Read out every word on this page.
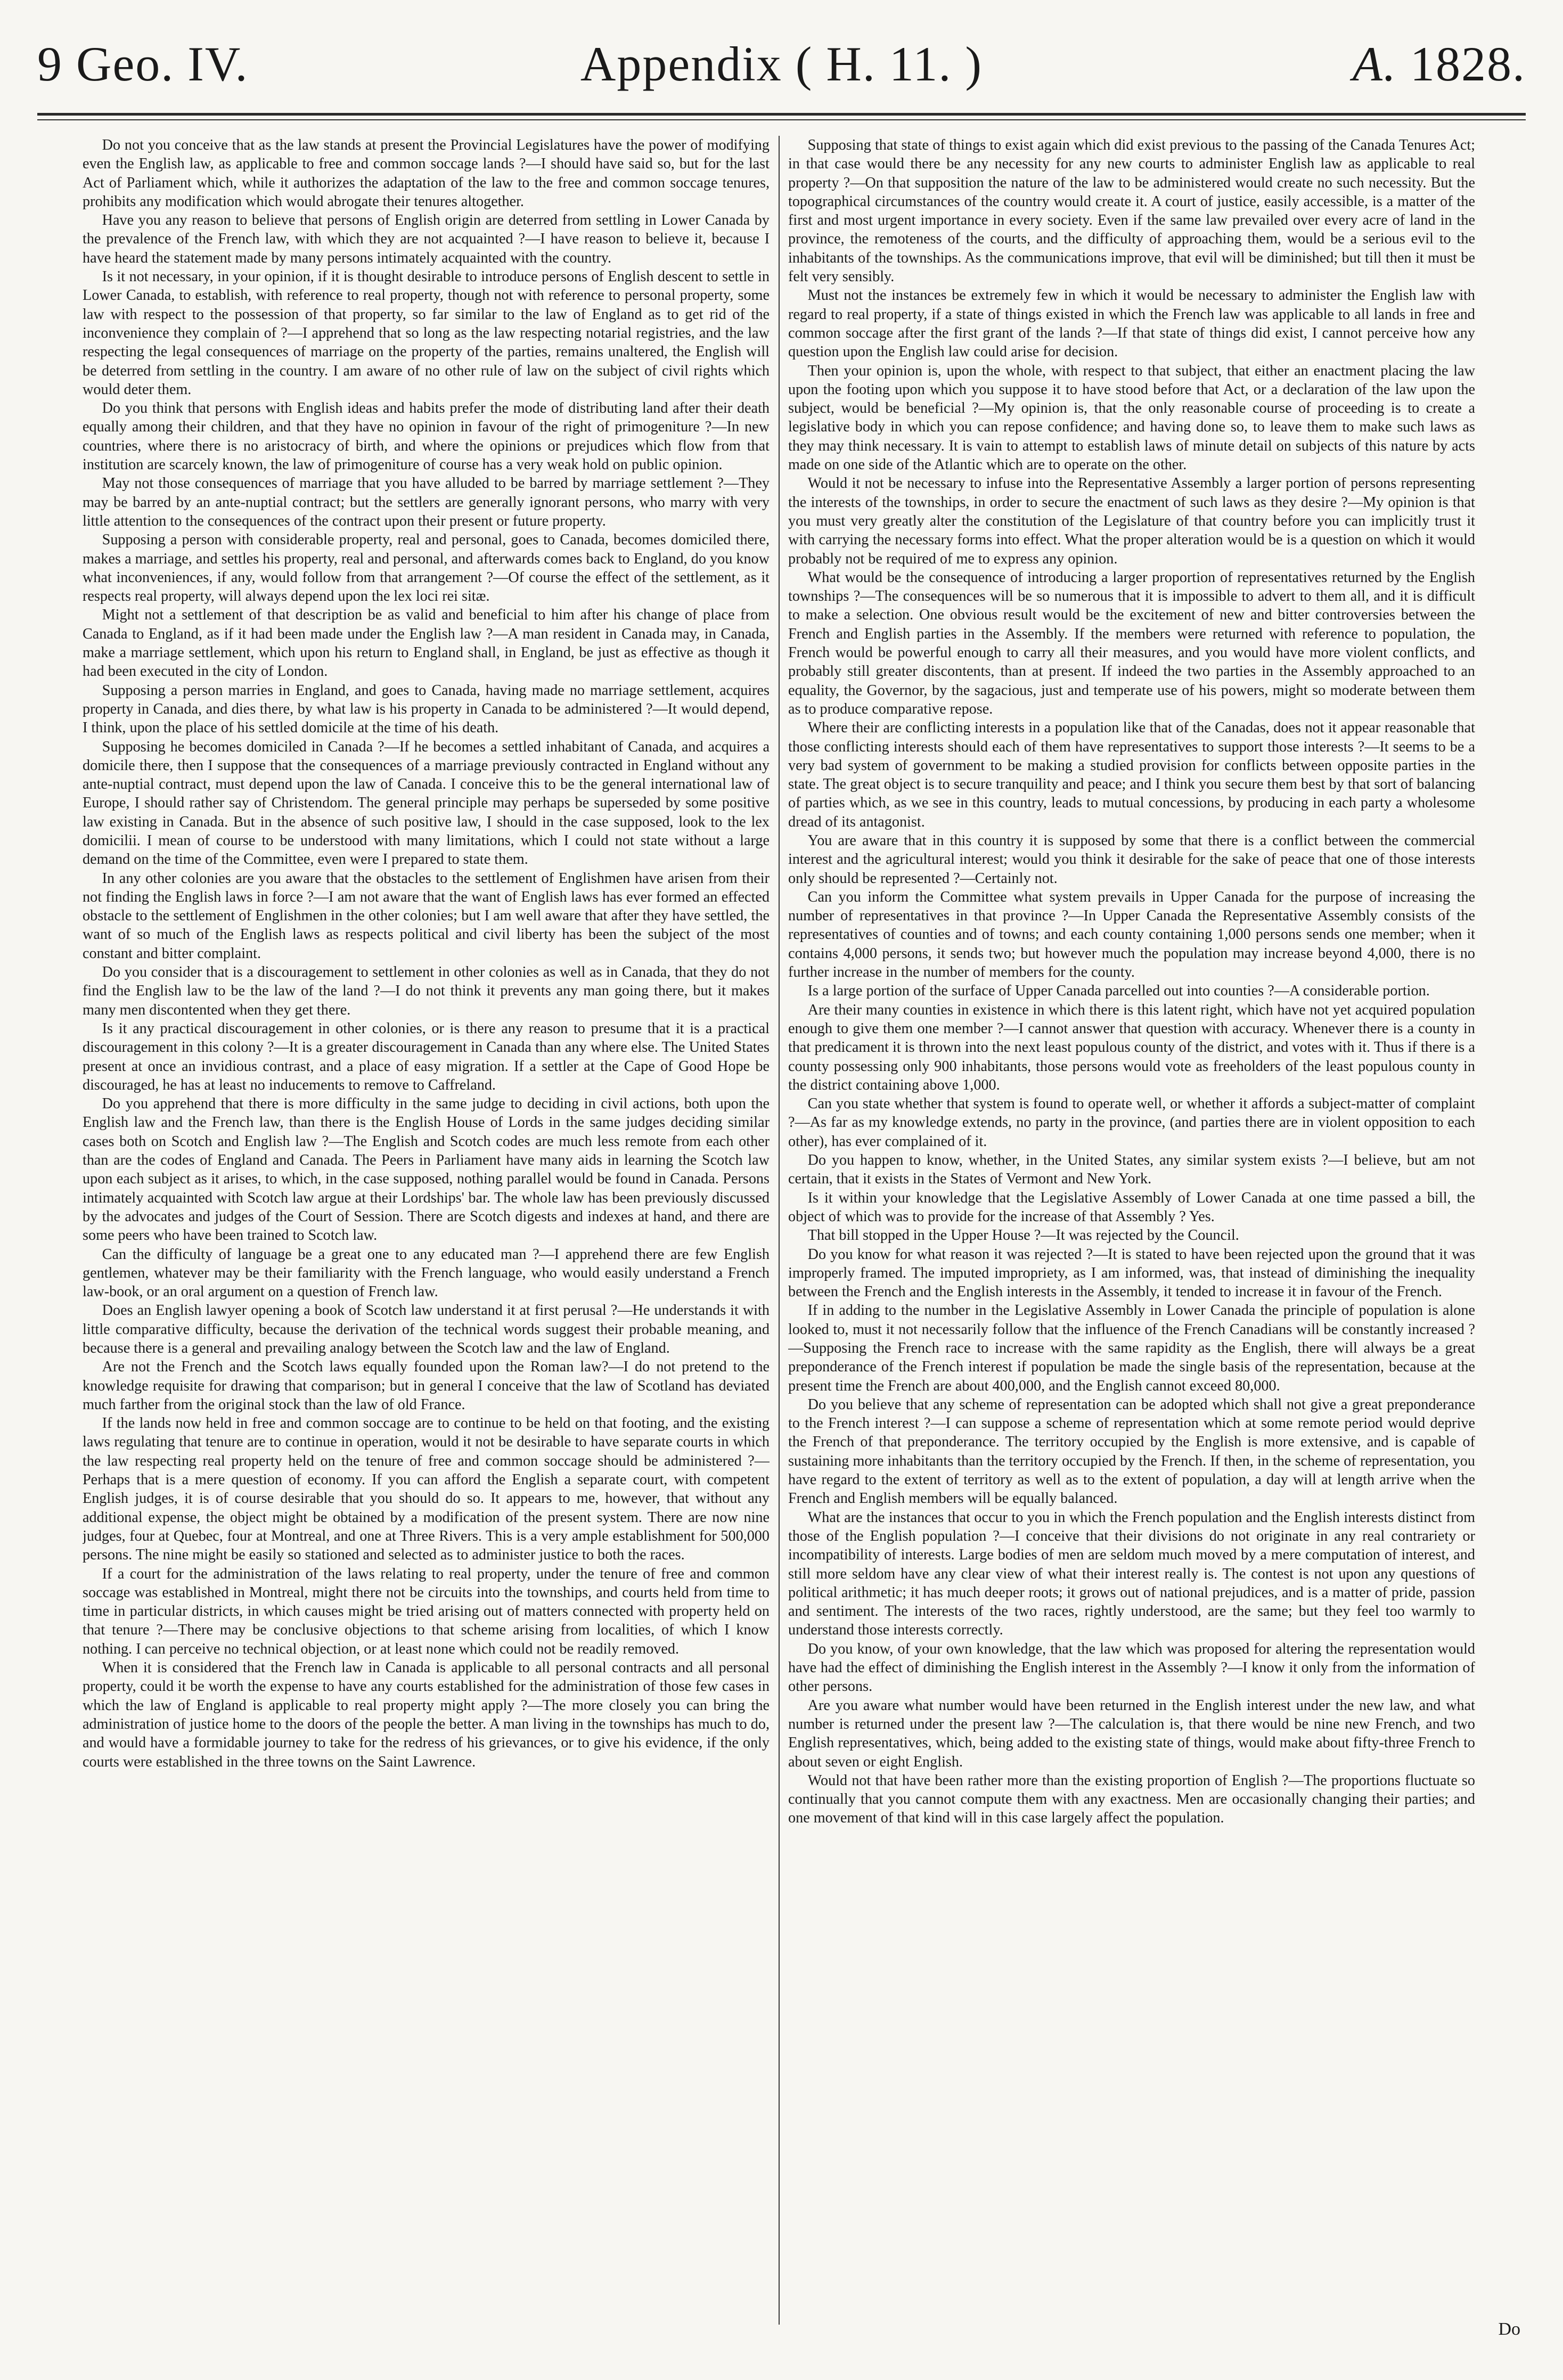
9 Geo. IV.	Appendix ( H. 11. )	A. 1828.

Do not you conceive that as the law stands at present the Provincial Legislatures have the power of modifying even the English law, as applicable to free and common soccage lands ?—I should have said so, but for the last Act of Parliament which, while it authorizes the adaptation of the law to the free and common soccage tenures, prohibits any modification which would abrogate their tenures altogether.

Have you any reason to believe that persons of English origin are deterred from settling in Lower Canada by the prevalence of the French law, with which they are not acquainted ?—I have reason to believe it, because I have heard the statement made by many persons intimately acquainted with the country.

Is it not necessary, in your opinion, if it is thought desirable to introduce persons of English descent to settle in Lower Canada, to establish, with reference to real property, though not with reference to personal property, some law with respect to the possession of that property, so far similar to the law of England as to get rid of the inconvenience they complain of ?—I apprehend that so long as the law respecting notarial registries, and the law respecting the legal consequences of marriage on the property of the parties, remains unaltered, the English will be deterred from settling in the country. I am aware of no other rule of law on the subject of civil rights which would deter them.

Do you think that persons with English ideas and habits prefer the mode of distributing land after their death equally among their children, and that they have no opinion in favour of the right of primogeniture ?—In new countries, where there is no aristocracy of birth, and where the opinions or prejudices which flow from that institution are scarcely known, the law of primogeniture of course has a very weak hold on public opinion.

May not those consequences of marriage that you have alluded to be barred by marriage settlement ?—They may be barred by an ante-nuptial contract; but the settlers are generally ignorant persons, who marry with very little attention to the consequences of the contract upon their present or future property.

Supposing a person with considerable property, real and personal, goes to Canada, becomes domiciled there, makes a marriage, and settles his property, real and personal, and afterwards comes back to England, do you know what inconveniences, if any, would follow from that arrangement ?—Of course the effect of the settlement, as it respects real property, will always depend upon the lex loci rei sitæ.

Might not a settlement of that description be as valid and beneficial to him after his change of place from Canada to England, as if it had been made under the English law ?—A man resident in Canada may, in Canada, make a marriage settlement, which upon his return to England shall, in England, be just as effective as though it had been executed in the city of London.

Supposing a person marries in England, and goes to Canada, having made no marriage settlement, acquires property in Canada, and dies there, by what law is his property in Canada to be administered ?—It would depend, I think, upon the place of his settled domicile at the time of his death.

Supposing he becomes domiciled in Canada ?—If he becomes a settled inhabitant of Canada, and acquires a domicile there, then I suppose that the consequences of a marriage previously contracted in England without any ante-nuptial contract, must depend upon the law of Canada. I conceive this to be the general international law of Europe, I should rather say of Christendom. The general principle may perhaps be superseded by some positive law existing in Canada. But in the absence of such positive law, I should in the case supposed, look to the lex domicilii. I mean of course to be understood with many limitations, which I could not state without a large demand on the time of the Committee, even were I prepared to state them.

In any other colonies are you aware that the obstacles to the settlement of Englishmen have arisen from their not finding the English laws in force ?—I am not aware that the want of English laws has ever formed an effected obstacle to the settlement of Englishmen in the other colonies; but I am well aware that after they have settled, the want of so much of the English laws as respects political and civil liberty has been the subject of the most constant and bitter complaint.

Do you consider that is a discouragement to settlement in other colonies as well as in Canada, that they do not find the English law to be the law of the land ?—I do not think it prevents any man going there, but it makes many men discontented when they get there.

Is it any practical discouragement in other colonies, or is there any reason to presume that it is a practical discouragement in this colony ?—It is a greater discouragement in Canada than any where else. The United States present at once an invidious contrast, and a place of easy migration. If a settler at the Cape of Good Hope be discouraged, he has at least no inducements to remove to Caffreland.

Do you apprehend that there is more difficulty in the same judge to deciding in civil actions, both upon the English law and the French law, than there is the English House of Lords in the same judges deciding similar cases both on Scotch and English law ?—The English and Scotch codes are much less remote from each other than are the codes of England and Canada. The Peers in Parliament have many aids in learning the Scotch law upon each subject as it arises, to which, in the case supposed, nothing parallel would be found in Canada. Persons intimately acquainted with Scotch law argue at their Lordships' bar. The whole law has been previously discussed by the advocates and judges of the Court of Session. There are Scotch digests and indexes at hand, and there are some peers who have been trained to Scotch law.

Can the difficulty of language be a great one to any educated man ?—I apprehend there are few English gentlemen, whatever may be their familiarity with the French language, who would easily understand a French law-book, or an oral argument on a question of French law.

Does an English lawyer opening a book of Scotch law understand it at first perusal ?—He understands it with little comparative difficulty, because the derivation of the technical words suggest their probable meaning, and because there is a general and prevailing analogy between the Scotch law and the law of England.

Are not the French and the Scotch laws equally founded upon the Roman law?—I do not pretend to the knowledge requisite for drawing that comparison; but in general I conceive that the law of Scotland has deviated much farther from the original stock than the law of old France.

If the lands now held in free and common soccage are to continue to be held on that footing, and the existing laws regulating that tenure are to continue in operation, would it not be desirable to have separate courts in which the law respecting real property held on the tenure of free and common soccage should be administered ?—Perhaps that is a mere question of economy. If you can afford the English a separate court, with competent English judges, it is of course desirable that you should do so. It appears to me, however, that without any additional expense, the object might be obtained by a modification of the present system. There are now nine judges, four at Quebec, four at Montreal, and one at Three Rivers. This is a very ample establishment for 500,000 persons. The nine might be easily so stationed and selected as to administer justice to both the races.

If a court for the administration of the laws relating to real property, under the tenure of free and common soccage was established in Montreal, might there not be circuits into the townships, and courts held from time to time in particular districts, in which causes might be tried arising out of matters connected with property held on that tenure ?—There may be conclusive objections to that scheme arising from localities, of which I know nothing. I can perceive no technical objection, or at least none which could not be readily removed.

When it is considered that the French law in Canada is applicable to all personal contracts and all personal property, could it be worth the expense to have any courts established for the administration of those few cases in which the law of England is applicable to real property might apply ?—The more closely you can bring the administration of justice home to the doors of the people the better. A man living in the townships has much to do, and would have a formidable journey to take for the redress of his grievances, or to give his evidence, if the only courts were established in the three towns on the Saint Lawrence.

Supposing that state of things to exist again which did exist previous to the passing of the Canada Tenures Act; in that case would there be any necessity for any new courts to administer English law as applicable to real property ?—On that supposition the nature of the law to be administered would create no such necessity. But the topographical circumstances of the country would create it. A court of justice, easily accessible, is a matter of the first and most urgent importance in every society. Even if the same law prevailed over every acre of land in the province, the remoteness of the courts, and the difficulty of approaching them, would be a serious evil to the inhabitants of the townships. As the communications improve, that evil will be diminished; but till then it must be felt very sensibly.

Must not the instances be extremely few in which it would be necessary to administer the English law with regard to real property, if a state of things existed in which the French law was applicable to all lands in free and common soccage after the first grant of the lands ?—If that state of things did exist, I cannot perceive how any question upon the English law could arise for decision.

Then your opinion is, upon the whole, with respect to that subject, that either an enactment placing the law upon the footing upon which you suppose it to have stood before that Act, or a declaration of the law upon the subject, would be beneficial ?—My opinion is, that the only reasonable course of proceeding is to create a legislative body in which you can repose confidence; and having done so, to leave them to make such laws as they may think necessary. It is vain to attempt to establish laws of minute detail on subjects of this nature by acts made on one side of the Atlantic which are to operate on the other.

Would it not be necessary to infuse into the Representative Assembly a larger portion of persons representing the interests of the townships, in order to secure the enactment of such laws as they desire ?—My opinion is that you must very greatly alter the constitution of the Legislature of that country before you can implicitly trust it with carrying the necessary forms into effect. What the proper alteration would be is a question on which it would probably not be required of me to express any opinion.

What would be the consequence of introducing a larger proportion of representatives returned by the English townships ?—The consequences will be so numerous that it is impossible to advert to them all, and it is difficult to make a selection. One obvious result would be the excitement of new and bitter controversies between the French and English parties in the Assembly. If the members were returned with reference to population, the French would be powerful enough to carry all their measures, and you would have more violent conflicts, and probably still greater discontents, than at present. If indeed the two parties in the Assembly approached to an equality, the Governor, by the sagacious, just and temperate use of his powers, might so moderate between them as to produce comparative repose.

Where their are conflicting interests in a population like that of the Canadas, does not it appear reasonable that those conflicting interests should each of them have representatives to support those interests ?—It seems to be a very bad system of government to be making a studied provision for conflicts between opposite parties in the state. The great object is to secure tranquility and peace; and I think you secure them best by that sort of balancing of parties which, as we see in this country, leads to mutual concessions, by producing in each party a wholesome dread of its antagonist.

You are aware that in this country it is supposed by some that there is a conflict between the commercial interest and the agricultural interest; would you think it desirable for the sake of peace that one of those interests only should be represented ?—Certainly not.

Can you inform the Committee what system prevails in Upper Canada for the purpose of increasing the number of representatives in that province ?—In Upper Canada the Representative Assembly consists of the representatives of counties and of towns; and each county containing 1,000 persons sends one member; when it contains 4,000 persons, it sends two; but however much the population may increase beyond 4,000, there is no further increase in the number of members for the county.

Is a large portion of the surface of Upper Canada parcelled out into counties ?—A considerable portion.

Are their many counties in existence in which there is this latent right, which have not yet acquired population enough to give them one member ?—I cannot answer that question with accuracy. Whenever there is a county in that predicament it is thrown into the next least populous county of the district, and votes with it. Thus if there is a county possessing only 900 inhabitants, those persons would vote as freeholders of the least populous county in the district containing above 1,000.

Can you state whether that system is found to operate well, or whether it affords a subject-matter of complaint ?—As far as my knowledge extends, no party in the province, (and parties there are in violent opposition to each other), has ever complained of it.

Do you happen to know, whether, in the United States, any similar system exists ?—I believe, but am not certain, that it exists in the States of Vermont and New York.

Is it within your knowledge that the Legislative Assembly of Lower Canada at one time passed a bill, the object of which was to provide for the increase of that Assembly ? Yes.

That bill stopped in the Upper House ?—It was rejected by the Council.

Do you know for what reason it was rejected ?—It is stated to have been rejected upon the ground that it was improperly framed. The imputed impropriety, as I am informed, was, that instead of diminishing the inequality between the French and the English interests in the Assembly, it tended to increase it in favour of the French.

If in adding to the number in the Legislative Assembly in Lower Canada the principle of population is alone looked to, must it not necessarily follow that the influence of the French Canadians will be constantly increased ?—Supposing the French race to increase with the same rapidity as the English, there will always be a great preponderance of the French interest if population be made the single basis of the representation, because at the present time the French are about 400,000, and the English cannot exceed 80,000.

Do you believe that any scheme of representation can be adopted which shall not give a great preponderance to the French interest ?—I can suppose a scheme of representation which at some remote period would deprive the French of that preponderance. The territory occupied by the English is more extensive, and is capable of sustaining more inhabitants than the territory occupied by the French. If then, in the scheme of representation, you have regard to the extent of territory as well as to the extent of population, a day will at length arrive when the French and English members will be equally balanced.

What are the instances that occur to you in which the French population and the English interests distinct from those of the English population ?—I conceive that their divisions do not originate in any real contrariety or incompatibility of interests. Large bodies of men are seldom much moved by a mere computation of interest, and still more seldom have any clear view of what their interest really is. The contest is not upon any questions of political arithmetic; it has much deeper roots; it grows out of national prejudices, and is a matter of pride, passion and sentiment. The interests of the two races, rightly understood, are the same; but they feel too warmly to understand those interests correctly.

Do you know, of your own knowledge, that the law which was proposed for altering the representation would have had the effect of diminishing the English interest in the Assembly ?—I know it only from the information of other persons.

Are you aware what number would have been returned in the English interest under the new law, and what number is returned under the present law ?—The calculation is, that there would be nine new French, and two English representatives, which, being added to the existing state of things, would make about fifty-three French to about seven or eight English.

Would not that have been rather more than the existing proportion of English ?—The proportions fluctuate so continually that you cannot compute them with any exactness. Men are occasionally changing their parties; and one movement of that kind will in this case largely affect the population.

Do
